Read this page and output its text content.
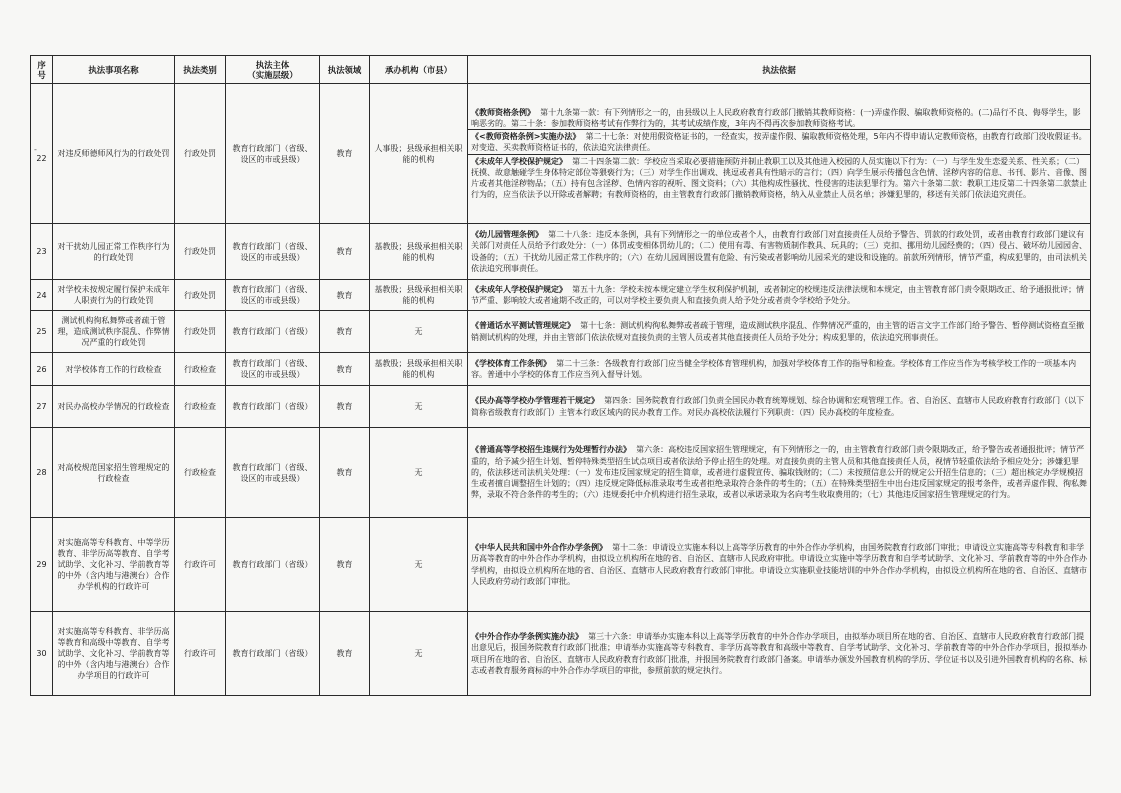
序号	执法事项名称	执法类别	执法主体
（实施层级）	执法领域	承办机构（市县）	执法依据

-
22	对违反师德师风行为的行政处罚	行政处罚	教育行政部门（省级、设区的市或县级）	教育	人事股；县级承担相关职能的机构	《教师资格条例》 第十九条第一款：有下列情形之一的，由县级以上人民政府教育行政部门撤销其教师资格：(一)弄虚作假、骗取教师资格的。(二)品行不良、侮辱学生，影响恶劣的。第二十条：参加教师资格考试有作弊行为的，其考试成绩作废，3年内不得再次参加教师资格考试。
《<教师资格条例>实施办法》 第二十七条：对使用假资格证书的，一经查实，按弄虚作假、骗取教师资格处理，5年内不得申请认定教师资格，由教育行政部门没收假证书。对变造、买卖教师资格证书的，依法追究法律责任。
《未成年人学校保护规定》 第二十四条第二款：学校应当采取必要措施预防并制止教职工以及其他进入校园的人员实施以下行为：（一）与学生发生恋爱关系、性关系；（二）抚摸、故意触碰学生身体特定部位等猥亵行为；（三）对学生作出调戏、挑逗或者具有性暗示的言行；（四）向学生展示传播包含色情、淫秽内容的信息、书刊、影片、音像、图片或者其他淫秽物品；（五）持有包含淫秽、色情内容的视听、图文资料；（六）其他构成性骚扰、性侵害的违法犯罪行为。第六十条第二款：教职工违反第二十四条第二款禁止行为的，应当依法予以开除或者解聘；有教师资格的，由主管教育行政部门撤销教师资格，纳入从业禁止人员名单；涉嫌犯罪的，移送有关部门依法追究责任。

23	对干扰幼儿园正常工作秩序行为的行政处罚	行政处罚	教育行政部门（省级、设区的市或县级）	教育	基教股；县级承担相关职能的机构	《幼儿园管理条例》 第二十八条：违反本条例，具有下列情形之一的单位或者个人，由教育行政部门对直接责任人员给予警告、罚款的行政处罚，或者由教育行政部门建议有关部门对责任人员给予行政处分：（一）体罚或变相体罚幼儿的；（二）使用有毒、有害物质制作教具、玩具的；（三）克扣、挪用幼儿园经费的；（四）侵占、破坏幼儿园园舍、设备的；（五）干扰幼儿园正常工作秩序的；（六）在幼儿园周围设置有危险、有污染或者影响幼儿园采光的建设和设施的。前款所列情形，情节严重，构成犯罪的，由司法机关依法追究刑事责任。

24	对学校未按规定履行保护未成年人职责行为的行政处罚	行政处罚	教育行政部门（省级、设区的市或县级）	教育	基教股；县级承担相关职能的机构	《未成年人学校保护规定》 第五十九条：学校未按本规定建立学生权利保护机制，或者制定的校规违反法律法规和本规定，由主管教育部门责令限期改正、给予通报批评；情节严重、影响较大或者逾期不改正的，可以对学校主要负责人和直接负责人给予处分或者责令学校给予处分。

25	测试机构徇私舞弊或者疏于管理，造成测试秩序混乱、作弊情况严重的行政处罚	行政处罚	教育行政部门（省级）	教育	无	《普通话水平测试管理规定》 第十七条：测试机构徇私舞弊或者疏于管理，造成测试秩序混乱、作弊情况严重的，由主管的语言文字工作部门给予警告、暂停测试资格直至撤销测试机构的处理，并由主管部门依法依规对直接负责的主管人员或者其他直接责任人员给予处分；构成犯罪的，依法追究刑事责任。

26	对学校体育工作的行政检查	行政检查	教育行政部门（省级、设区的市或县级）	教育	基教股；县级承担相关职能的机构	《学校体育工作条例》 第二十三条：各级教育行政部门应当健全学校体育管理机构，加强对学校体育工作的指导和检查。学校体育工作应当作为考核学校工作的一项基本内容。普通中小学校的体育工作应当列入督导计划。

27	对民办高校办学情况的行政检查	行政检查	教育行政部门（省级）	教育	无	《民办高等学校办学管理若干规定》 第四条：国务院教育行政部门负责全国民办教育统筹规划、综合协调和宏观管理工作。省、自治区、直辖市人民政府教育行政部门（以下简称省级教育行政部门）主管本行政区域内的民办教育工作。对民办高校依法履行下列职责：（四）民办高校的年度检查。

28	对高校规范国家招生管理规定的行政检查	行政检查	教育行政部门（省级、设区的市或县级）	教育	无	《普通高等学校招生违规行为处理暂行办法》 第六条：高校违反国家招生管理规定，有下列情形之一的，由主管教育行政部门责令限期改正，给予警告或者通报批评；情节严重的，给予减少招生计划、暂停特殊类型招生试点项目或者依法给予停止招生的处理。对直接负责的主管人员和其他直接责任人员，视情节轻重依法给予相应处分；涉嫌犯罪的，依法移送司法机关处理：（一）发布违反国家规定的招生简章，或者进行虚假宣传、骗取钱财的；（二）未按照信息公开的规定公开招生信息的；（三）超出核定办学规模招生或者擅自调整招生计划的；（四）违反规定降低标准录取考生或者拒绝录取符合条件的考生的；（五）在特殊类型招生中出台违反国家规定的报考条件，或者弄虚作假、徇私舞弊，录取不符合条件的考生的；（六）违规委托中介机构进行招生录取，或者以承诺录取为名向考生收取费用的；（七）其他违反国家招生管理规定的行为。

29	对实施高等专科教育、中等学历教育、非学历高等教育、自学考试助学、文化补习、学前教育等的中外（含内地与港澳台）合作办学机构的行政许可	行政许可	教育行政部门（省级）	教育	无	《中华人民共和国中外合作办学条例》 第十二条：申请设立实施本科以上高等学历教育的中外合作办学机构，由国务院教育行政部门审批；申请设立实施高等专科教育和非学历高等教育的中外合作办学机构，由拟设立机构所在地的省、自治区、直辖市人民政府审批。申请设立实施中等学历教育和自学考试助学、文化补习、学前教育等的中外合作办学机构，由拟设立机构所在地的省、自治区、直辖市人民政府教育行政部门审批。申请设立实施职业技能培训的中外合作办学机构，由拟设立机构所在地的省、自治区、直辖市人民政府劳动行政部门审批。

30	对实施高等专科教育、非学历高等教育和高级中等教育、自学考试助学、文化补习、学前教育等的中外（含内地与港澳台）合作办学项目的行政许可	行政许可	教育行政部门（省级）	教育	无	《中外合作办学条例实施办法》 第三十六条：申请举办实施本科以上高等学历教育的中外合作办学项目，由拟举办项目所在地的省、自治区、直辖市人民政府教育行政部门提出意见后，报国务院教育行政部门批准；申请举办实施高等专科教育、非学历高等教育和高级中等教育、自学考试助学、文化补习、学前教育等的中外合作办学项目，报拟举办项目所在地的省、自治区、直辖市人民政府教育行政部门批准，并报国务院教育行政部门备案。申请举办颁发外国教育机构的学历、学位证书以及引进外国教育机构的名称、标志或者教育服务商标的中外合作办学项目的审批，参照前款的规定执行。
